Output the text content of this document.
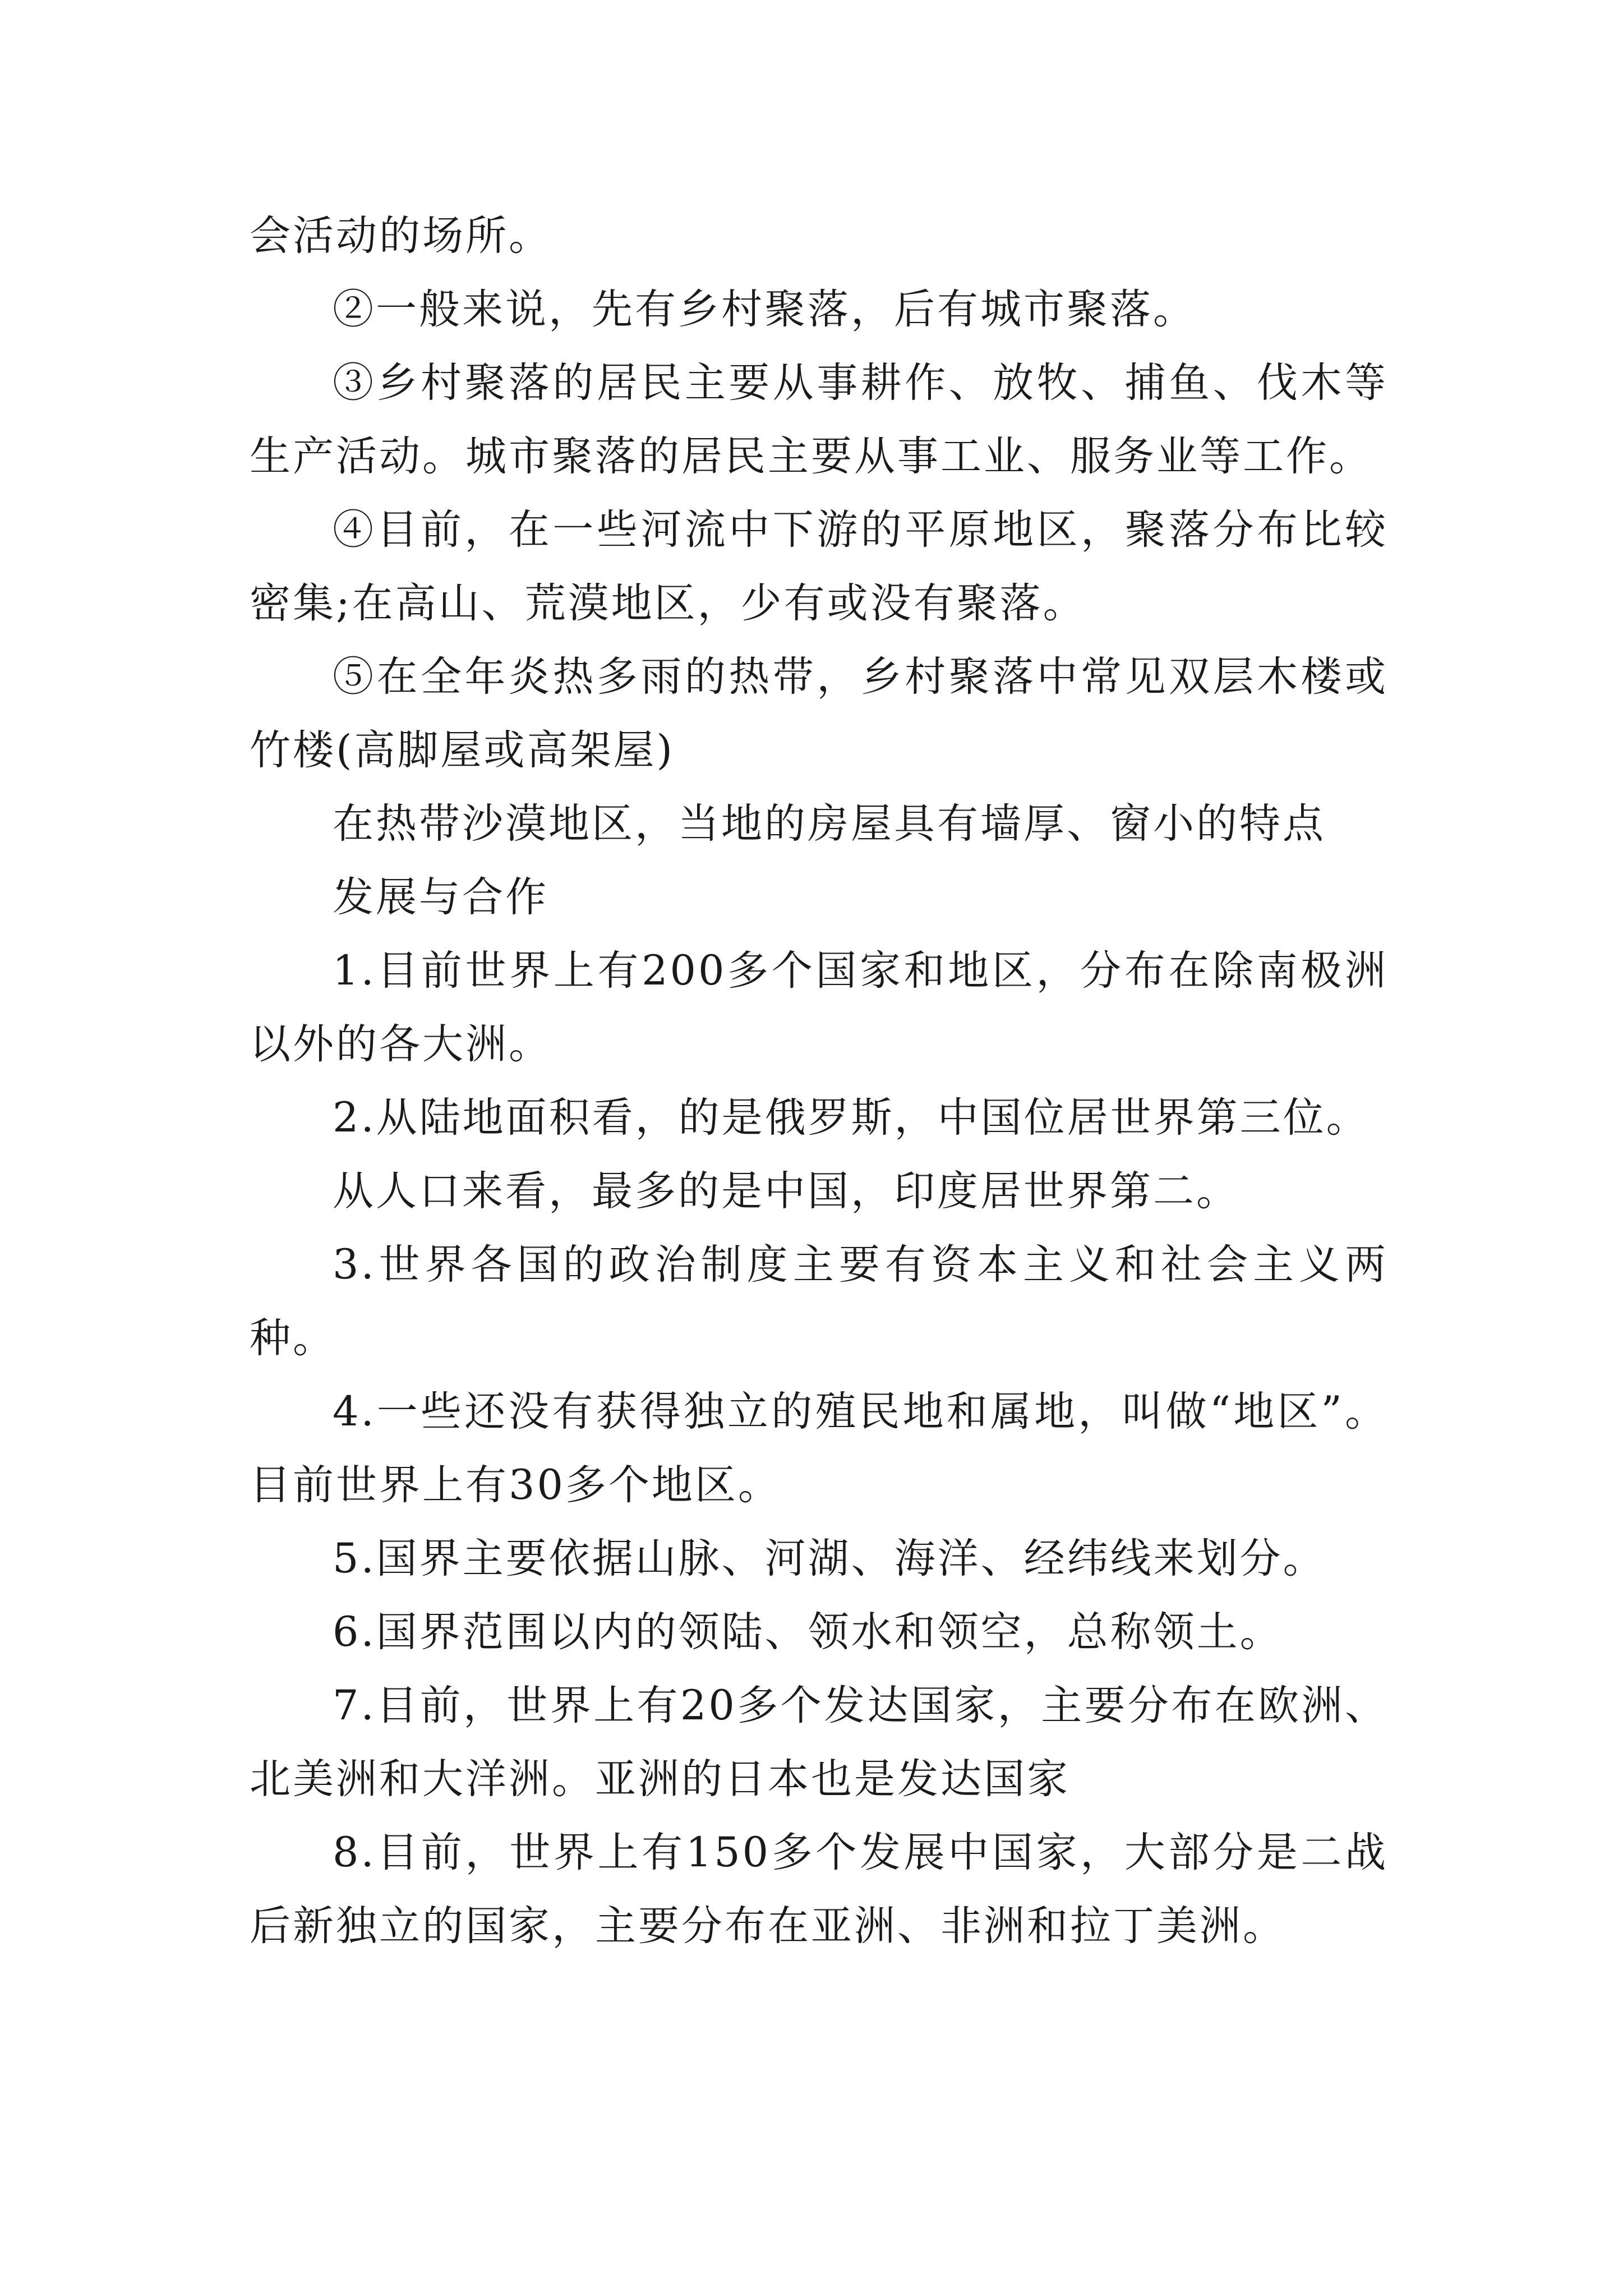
会活动的场所。

②一般来说，先有乡村聚落，后有城市聚落。

③乡村聚落的居民主要从事耕作、放牧、捕鱼、伐木等生产活动。城市聚落的居民主要从事工业、服务业等工作。

④目前，在一些河流中下游的平原地区，聚落分布比较密集;在高山、荒漠地区，少有或没有聚落。

⑤在全年炎热多雨的热带，乡村聚落中常见双层木楼或竹楼(高脚屋或高架屋)

在热带沙漠地区，当地的房屋具有墙厚、窗小的特点

发展与合作

1.目前世界上有200多个国家和地区，分布在除南极洲以外的各大洲。

2.从陆地面积看，的是俄罗斯，中国位居世界第三位。

从人口来看，最多的是中国，印度居世界第二。

3.世界各国的政治制度主要有资本主义和社会主义两种。

4.一些还没有获得独立的殖民地和属地，叫做“地区”。目前世界上有30多个地区。

5.国界主要依据山脉、河湖、海洋、经纬线来划分。

6.国界范围以内的领陆、领水和领空，总称领土。

7.目前，世界上有20多个发达国家，主要分布在欧洲、北美洲和大洋洲。亚洲的日本也是发达国家

8.目前，世界上有150多个发展中国家，大部分是二战后新独立的国家，主要分布在亚洲、非洲和拉丁美洲。
